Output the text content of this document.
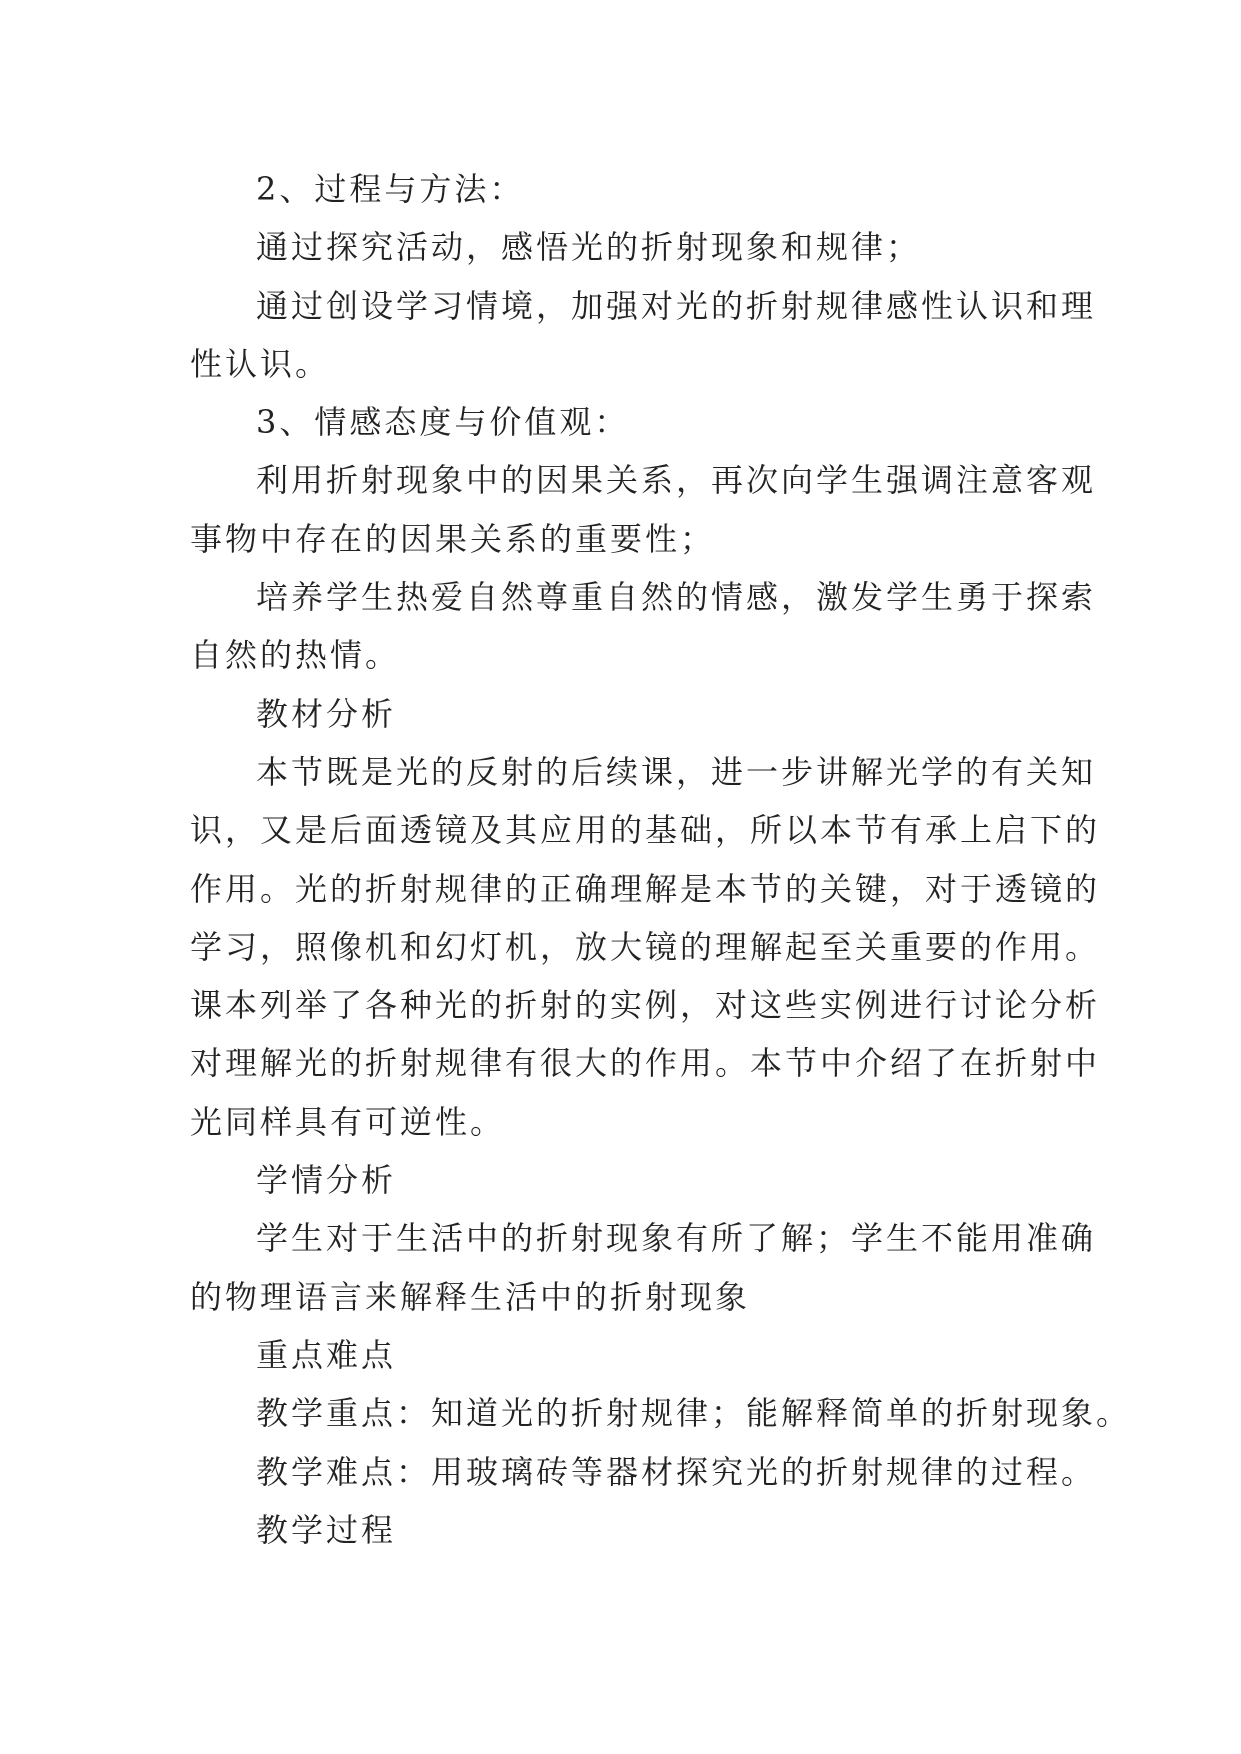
2、过程与方法：

通过探究活动，感悟光的折射现象和规律；

通过创设学习情境，加强对光的折射规律感性认识和理

性认识。

3、情感态度与价值观：

利用折射现象中的因果关系，再次向学生强调注意客观

事物中存在的因果关系的重要性；

培养学生热爱自然尊重自然的情感，激发学生勇于探索

自然的热情。

教材分析

本节既是光的反射的后续课，进一步讲解光学的有关知

识，又是后面透镜及其应用的基础，所以本节有承上启下的

作用。光的折射规律的正确理解是本节的关键，对于透镜的

学习，照像机和幻灯机，放大镜的理解起至关重要的作用。

课本列举了各种光的折射的实例，对这些实例进行讨论分析

对理解光的折射规律有很大的作用。本节中介绍了在折射中

光同样具有可逆性。

学情分析

学生对于生活中的折射现象有所了解；学生不能用准确

的物理语言来解释生活中的折射现象

重点难点

教学重点：知道光的折射规律；能解释简单的折射现象。

教学难点：用玻璃砖等器材探究光的折射规律的过程。

教学过程
